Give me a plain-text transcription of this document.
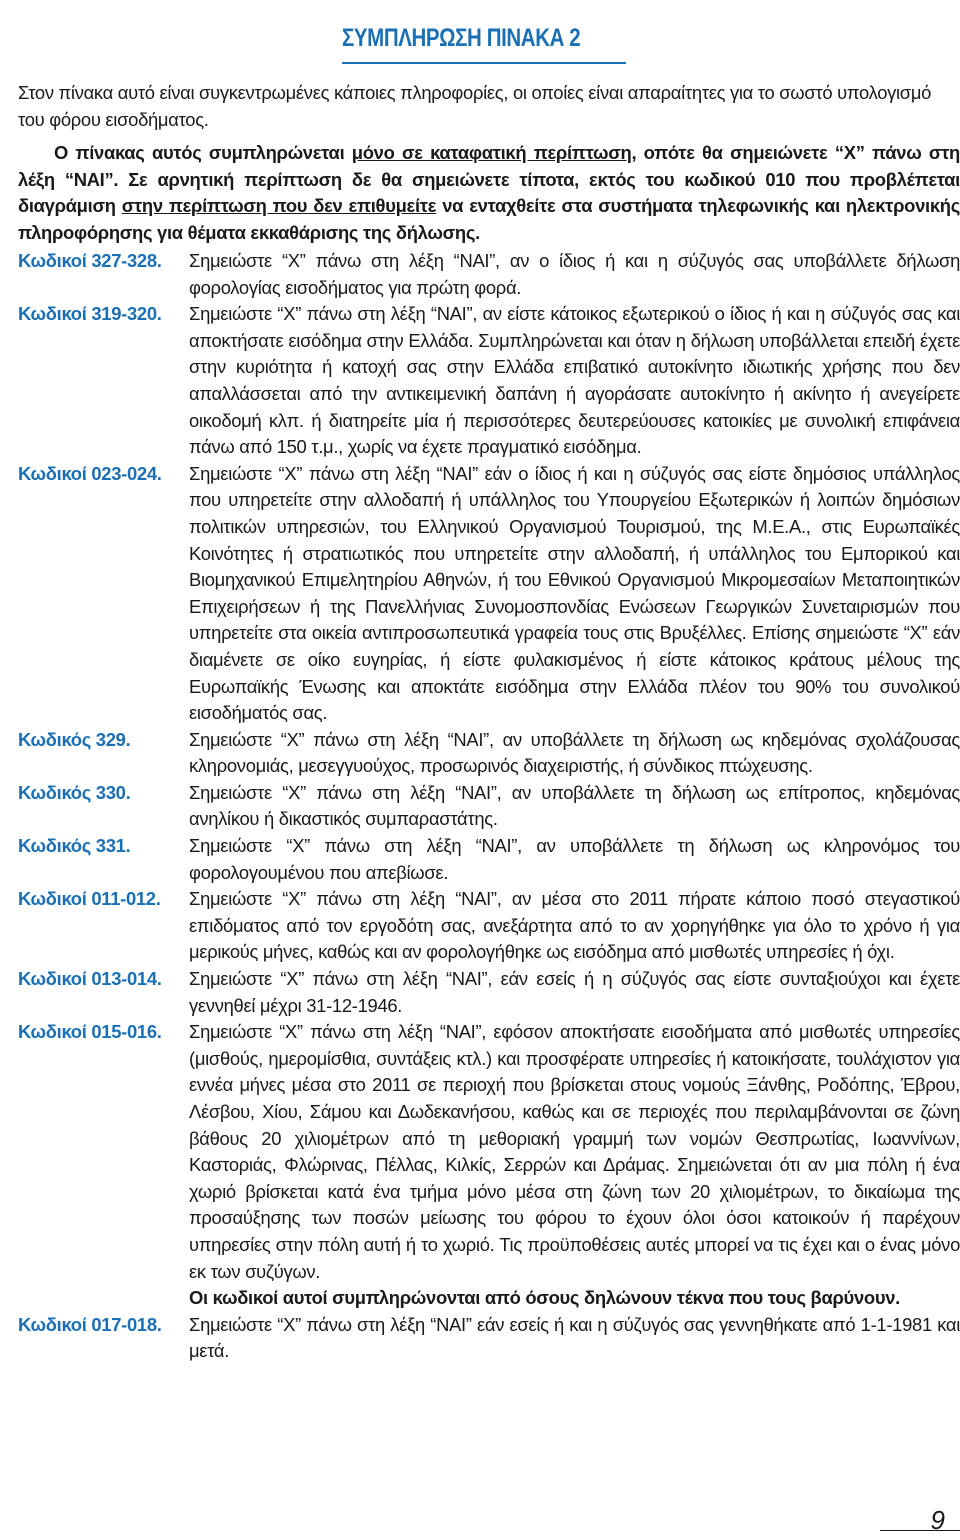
ΣΥΜΠΛΗΡΩΣΗ ΠΙΝΑΚΑ 2
Στον πίνακα αυτό είναι συγκεντρωμένες κάποιες πληροφορίες, οι οποίες είναι απαραίτητες για το σωστό υπολογισμό του φόρου εισοδήματος.
Ο πίνακας αυτός συμπληρώνεται μόνο σε καταφατική περίπτωση, οπότε θα σημειώνετε “Χ” πάνω στη λέξη “ΝΑΙ”. Σε αρνητική περίπτωση δε θα σημειώνετε τίποτα, εκτός του κωδικού 010 που προβλέπεται διαγράμιση στην περίπτωση που δεν επιθυμείτε να ενταχθείτε στα συστήματα τηλεφωνικής και ηλεκτρονικής πληροφόρησης για θέματα εκκαθάρισης της δήλωσης.
Κωδικοί 327-328.	Σημειώστε “Χ” πάνω στη λέξη “ΝΑΙ”, αν ο ίδιος ή και η σύζυγός σας υποβάλλετε δήλωση φορολογίας εισοδήματος για πρώτη φορά.
Κωδικοί 319-320.	Σημειώστε “Χ” πάνω στη λέξη “ΝΑΙ”, αν είστε κάτοικος εξωτερικού ο ίδιος ή και η σύζυγός σας και αποκτήσατε εισόδημα στην Ελλάδα. Συμπληρώνεται και όταν η δήλωση υποβάλλεται επειδή έχετε στην κυριότητα ή κατοχή σας στην Ελλάδα επιβατικό αυτοκίνητο ιδιωτικής χρήσης που δεν απαλλάσσεται από την αντικειμενική δαπάνη ή αγοράσατε αυτοκίνητο ή ακίνητο ή ανεγείρετε οικοδομή κλπ. ή διατηρείτε μία ή περισσότερες δευτερεύουσες κατοικίες με συνολική επιφάνεια πάνω από 150 τ.μ., χωρίς να έχετε πραγματικό εισόδημα.
Κωδικοί 023-024.	Σημειώστε “Χ” πάνω στη λέξη “ΝΑΙ” εάν ο ίδιος ή και η σύζυγός σας είστε δημόσιος υπάλληλος που υπηρετείτε στην αλλοδαπή ή υπάλληλος του Υπουργείου Εξωτερικών ή λοιπών δημόσιων πολιτικών υπηρεσιών, του Ελληνικού Οργανισμού Τουρισμού, της Μ.Ε.Α., στις Ευρωπαϊκές Κοινότητες ή στρατιωτικός που υπηρετείτε στην αλλοδαπή, ή υπάλληλος του Εμπορικού και Βιομηχανικού Επιμελητηρίου Αθηνών, ή του Εθνικού Οργανισμού Μικρομεσαίων Μεταποιητικών Επιχειρήσεων ή της Πανελλήνιας Συνομοσπονδίας Ενώσεων Γεωργικών Συνεταιρισμών που υπηρετείτε στα οικεία αντιπροσωπευτικά γραφεία τους στις Βρυξέλλες. Επίσης σημειώστε “Χ” εάν διαμένετε σε οίκο ευγηρίας, ή είστε φυλακισμένος ή είστε κάτοικος κράτους μέλους της Ευρωπαϊκής Ένωσης και αποκτάτε εισόδημα στην Ελλάδα πλέον του 90% του συνολικού εισοδήματός σας.
Κωδικός 329.	Σημειώστε “Χ” πάνω στη λέξη “ΝΑΙ”, αν υποβάλλετε τη δήλωση ως κηδεμόνας σχολάζουσας κληρονομιάς, μεσεγγυούχος, προσωρινός διαχειριστής, ή σύνδικος πτώχευσης.
Κωδικός 330.	Σημειώστε “Χ” πάνω στη λέξη “ΝΑΙ”, αν υποβάλλετε τη δήλωση ως επίτροπος, κηδεμόνας ανηλίκου ή δικαστικός συμπαραστάτης.
Κωδικός 331.	Σημειώστε “Χ” πάνω στη λέξη “ΝΑΙ”, αν υποβάλλετε τη δήλωση ως κληρονόμος του φορολογουμένου που απεβίωσε.
Κωδικοί 011-012.	Σημειώστε “Χ” πάνω στη λέξη “ΝΑΙ”, αν μέσα στο 2011 πήρατε κάποιο ποσό στεγαστικού επιδόματος από τον εργοδότη σας, ανεξάρτητα από το αν χορηγήθηκε για όλο το χρόνο ή για μερικούς μήνες, καθώς και αν φορολογήθηκε ως εισόδημα από μισθωτές υπηρεσίες ή όχι.
Κωδικοί 013-014.	Σημειώστε “Χ” πάνω στη λέξη “ΝΑΙ”, εάν εσείς ή η σύζυγός σας είστε συνταξιούχοι και έχετε γεννηθεί μέχρι 31-12-1946.
Κωδικοί 015-016.	Σημειώστε “Χ” πάνω στη λέξη “ΝΑΙ”, εφόσον αποκτήσατε εισοδήματα από μισθωτές υπηρεσίες (μισθούς, ημερομίσθια, συντάξεις κτλ.) και προσφέρατε υπηρεσίες ή κατοικήσατε, τουλάχιστον για εννέα μήνες μέσα στο 2011 σε περιοχή που βρίσκεται στους νομούς Ξάνθης, Ροδόπης, Έβρου, Λέσβου, Χίου, Σάμου και Δωδεκανήσου, καθώς και σε περιοχές που περιλαμβάνονται σε ζώνη βάθους 20 χιλιομέτρων από τη μεθοριακή γραμμή των νομών Θεσπρωτίας, Ιωαννίνων, Καστοριάς, Φλώρινας, Πέλλας, Κιλκίς, Σερρών και Δράμας. Σημειώνεται ότι αν μια πόλη ή ένα χωριό βρίσκεται κατά ένα τμήμα μόνο μέσα στη ζώνη των 20 χιλιομέτρων, το δικαίωμα της προσαύξησης των ποσών μείωσης του φόρου το έχουν όλοι όσοι κατοικούν ή παρέχουν υπηρεσίες στην πόλη αυτή ή το χωριό. Τις προϋποθέσεις αυτές μπορεί να τις έχει και ο ένας μόνο εκ των συζύγων.
Οι κωδικοί αυτοί συμπληρώνονται από όσους δηλώνουν τέκνα που τους βαρύνουν.
Κωδικοί 017-018.	Σημειώστε “Χ” πάνω στη λέξη “ΝΑΙ” εάν εσείς ή και η σύζυγός σας γεννηθήκατε από 1-1-1981 και μετά.
9
